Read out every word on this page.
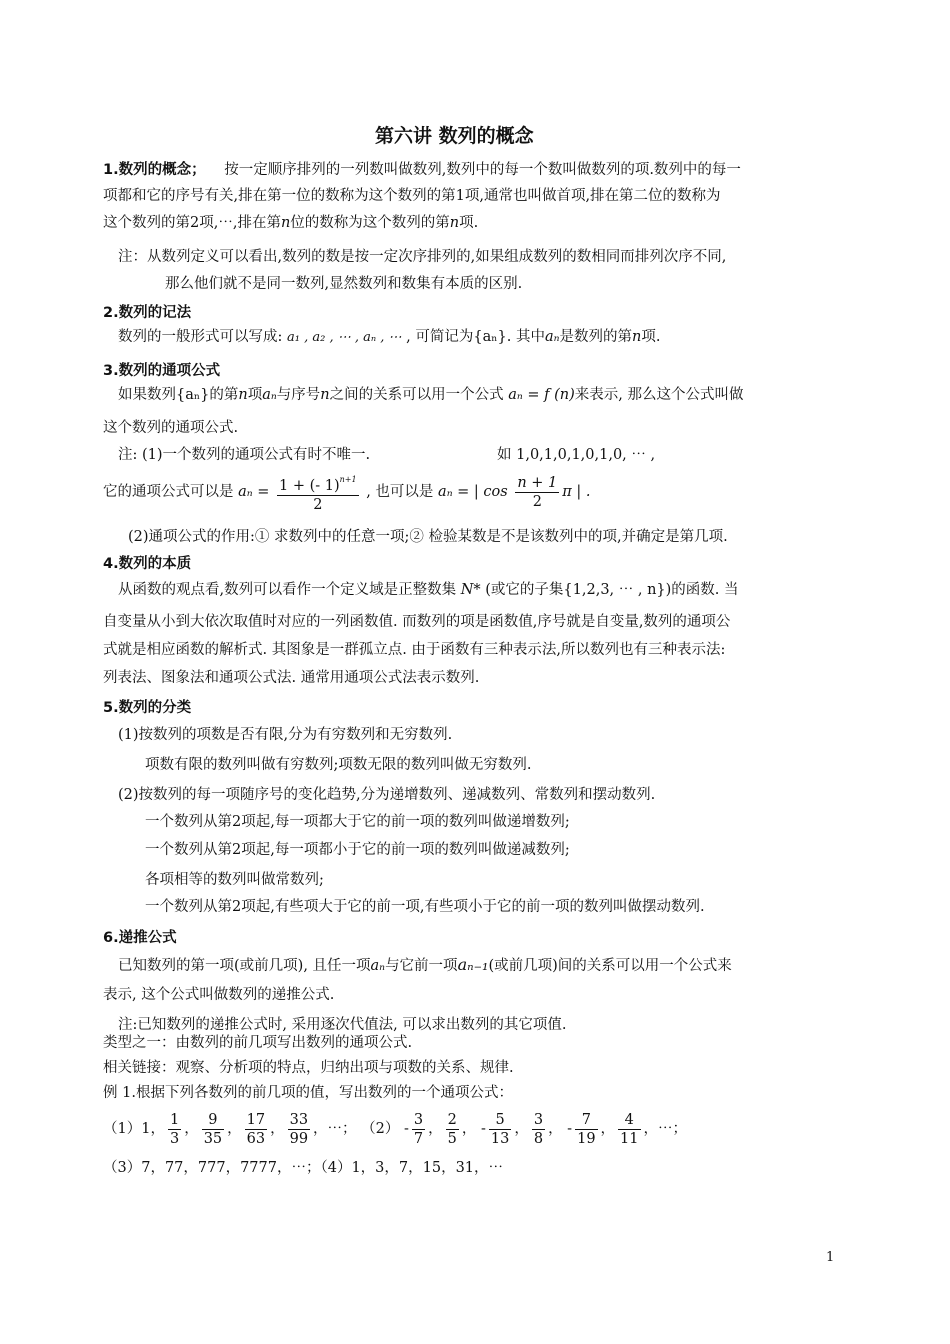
第六讲 数列的概念
1.数列的概念； 按一定顺序排列的一列数叫做数列,数列中的每一个数叫做数列的项.数列中的每一
项都和它的序号有关,排在第一位的数称为这个数列的第1项,通常也叫做首项,排在第二位的数称为
这个数列的第2项,⋯,排在第n位的数称为这个数列的第n项.
注：从数列定义可以看出,数列的数是按一定次序排列的,如果组成数列的数相同而排列次序不同,
那么他们就不是同一数列,显然数列和数集有本质的区别.
2.数列的记法
数列的一般形式可以写成: a₁ , a₂ , ⋯ , aₙ , ⋯ , 可简记为{aₙ}. 其中aₙ是数列的第n项.
3.数列的通项公式
如果数列{aₙ}的第n项aₙ与序号n之间的关系可以用一个公式 aₙ = f (n)来表示, 那么这个公式叫做
这个数列的通项公式.
注: (1)一个数列的通项公式有时不唯一.	如 1,0,1,0,1,0,1,0, ⋯ ,
它的通项公式可以是 $a_n = \frac{1 + (- 1)^{n+1}}{2}$ , 也可以是 aₙ = | $\cos \frac{n + 1}{2}$ π | .
(2)通项公式的作用:① 求数列中的任意一项;② 检验某数是不是该数列中的项,并确定是第几项.
4.数列的本质
从函数的观点看,数列可以看作一个定义域是正整数集 N* (或它的子集{1,2,3, ⋯ , n})的函数. 当
自变量从小到大依次取值时对应的一列函数值. 而数列的项是函数值,序号就是自变量,数列的通项公
式就是相应函数的解析式. 其图象是一群孤立点. 由于函数有三种表示法,所以数列也有三种表示法:
列表法、图象法和通项公式法. 通常用通项公式法表示数列.
5.数列的分类
(1)按数列的项数是否有限,分为有穷数列和无穷数列.
项数有限的数列叫做有穷数列;项数无限的数列叫做无穷数列.
(2)按数列的每一项随序号的变化趋势,分为递增数列、递减数列、常数列和摆动数列.
一个数列从第2项起,每一项都大于它的前一项的数列叫做递增数列;
一个数列从第2项起,每一项都小于它的前一项的数列叫做递减数列;
各项相等的数列叫做常数列;
一个数列从第2项起,有些项大于它的前一项,有些项小于它的前一项的数列叫做摆动数列.
6.递推公式
已知数列的第一项(或前几项), 且任一项aₙ与它前一项aₙ₋₁(或前几项)间的关系可以用一个公式来
表示, 这个公式叫做数列的递推公式.
注:已知数列的递推公式时, 采用逐次代值法, 可以求出数列的其它项值.
类型之一：由数列的前几项写出数列的通项公式.
相关链接：观察、分析项的特点，归纳出项与项数的关系、规律.
例 1.根据下列各数列的前几项的值，写出数列的一个通项公式：
（1）1， $\frac{1}{3}$ ， $\frac{9}{35}$ ， $\frac{17}{63}$ ， $\frac{33}{99}$ ，⋯； $(2) - \frac{3}{7}$ ， $\frac{2}{5}$ ， - $\frac{5}{13}$ ， $\frac{3}{8}$ ， - $\frac{7}{19}$ ， $\frac{4}{11}$ ，⋯；
（3）7，77，777，7777，⋯；（4）1，3，7，15，31，⋯
1
